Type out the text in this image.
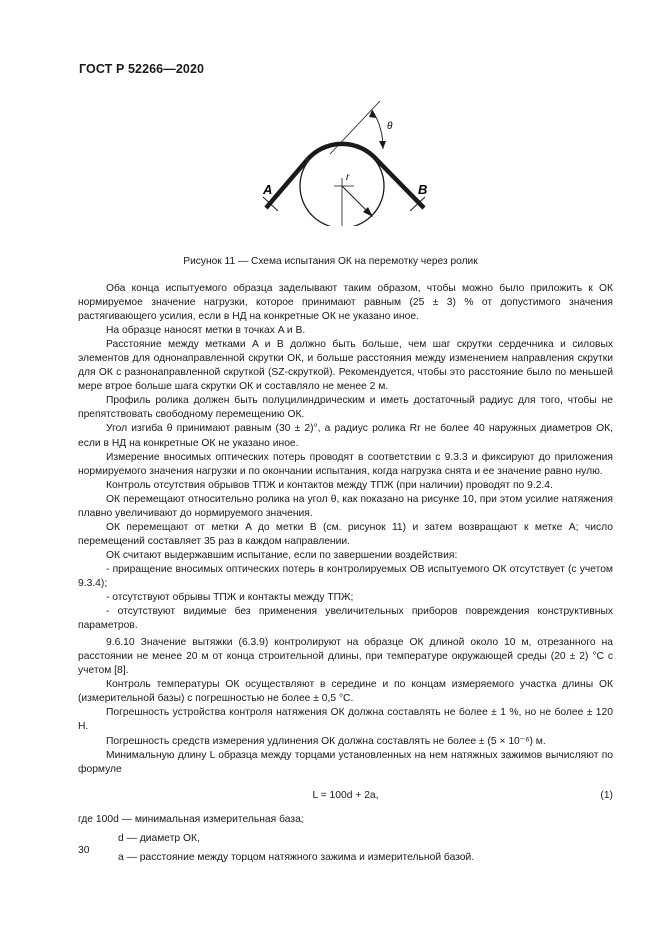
ГОСТ Р 52266—2020
A	B
r
θ
Рисунок 11 — Схема испытания ОК на перемотку через ролик

Оба конца испытуемого образца заделывают таким образом, чтобы можно было приложить к ОК нормируемое значение нагрузки, которое принимают равным (25 ± 3) % от допустимого значения растягивающего усилия, если в НД на конкретные ОК не указано иное.

На образце наносят метки в точках A и B.

Расстояние между метками A и B должно быть больше, чем шаг скрутки сердечника и силовых элементов для однонаправленной скрутки ОК, и больше расстояния между изменением направления скрутки для ОК с разнонаправленной скруткой (SZ-скруткой). Рекомендуется, чтобы это расстояние было по меньшей мере втрое больше шага скрутки ОК и составляло не менее 2 м.

Профиль ролика должен быть полуцилиндрическим и иметь достаточный радиус для того, чтобы не препятствовать свободному перемещению ОК.

Угол изгиба θ принимают равным (30 ± 2)°, а радиус ролика Rr не более 40 наружных диаметров ОК, если в НД на конкретные ОК не указано иное.

Измерение вносимых оптических потерь проводят в соответствии с 9.3.3 и фиксируют до приложения нормируемого значения нагрузки и по окончании испытания, когда нагрузка снята и ее значение равно нулю.

Контроль отсутствия обрывов ТПЖ и контактов между ТПЖ (при наличии) проводят по 9.2.4.

ОК перемещают относительно ролика на угол θ, как показано на рисунке 10, при этом усилие натяжения плавно увеличивают до нормируемого значения.

ОК перемещают от метки A до метки B (см. рисунок 11) и затем возвращают к метке A; число перемещений составляет 35 раз в каждом направлении.

ОК считают выдержавшим испытание, если по завершении воздействия:

- приращение вносимых оптических потерь в контролируемых ОВ испытуемого ОК отсутствует (с учетом 9.3.4);

- отсутствуют обрывы ТПЖ и контакты между ТПЖ;

- отсутствуют видимые без применения увеличительных приборов повреждения конструктивных параметров.

9.6.10 Значение вытяжки (6.3.9) контролируют на образце ОК длиной около 10 м, отрезанного на расстоянии не менее 20 м от конца строительной длины, при температуре окружающей среды (20 ± 2) °С с учетом [8].

Контроль температуры ОК осуществляют в середине и по концам измеряемого участка длины ОК (измерительной базы) с погрешностью не более ± 0,5 °С.

Погрешность устройства контроля натяжения ОК должна составлять не более ± 1 %, но не более ± 120 Н.

Погрешность средств измерения удлинения ОК должна составлять не более ± (5 × 10⁻⁶) м.

Минимальную длину L образца между торцами установленных на нем натяжных зажимов вычисляют по формуле

L = 100d + 2a,	(1)

где 100d — минимальная измерительная база;

d — диаметр ОК,

a — расстояние между торцом натяжного зажима и измерительной базой.

30
